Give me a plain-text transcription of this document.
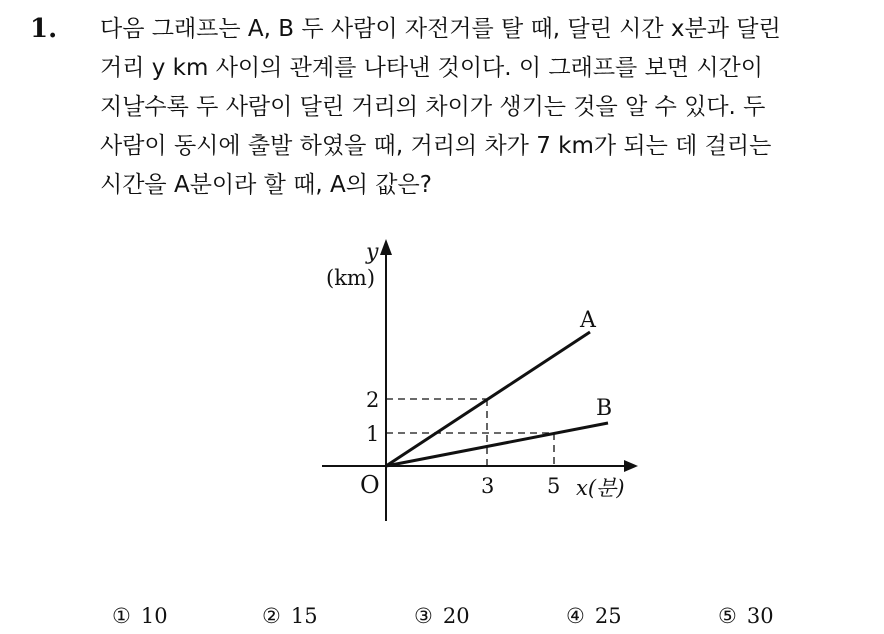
1. 다음 그래프는 A, B 두 사람이 자전거를 탈 때, 달린 시간 x분과 달린
거리 y km 사이의 관계를 나타낸 것이다. 이 그래프를 보면 시간이
지날수록 두 사람이 달린 거리의 차이가 생기는 것을 알 수 있다. 두
사람이 동시에 출발 하였을 때, 거리의 차가 7 km가 되는 데 걸리는
시간을 A분이라 할 때, A의 값은?
y
(km)
A
B
2
1
O	3	5 x(분)
① 10	② 15	③ 20	④ 25	⑤ 30
